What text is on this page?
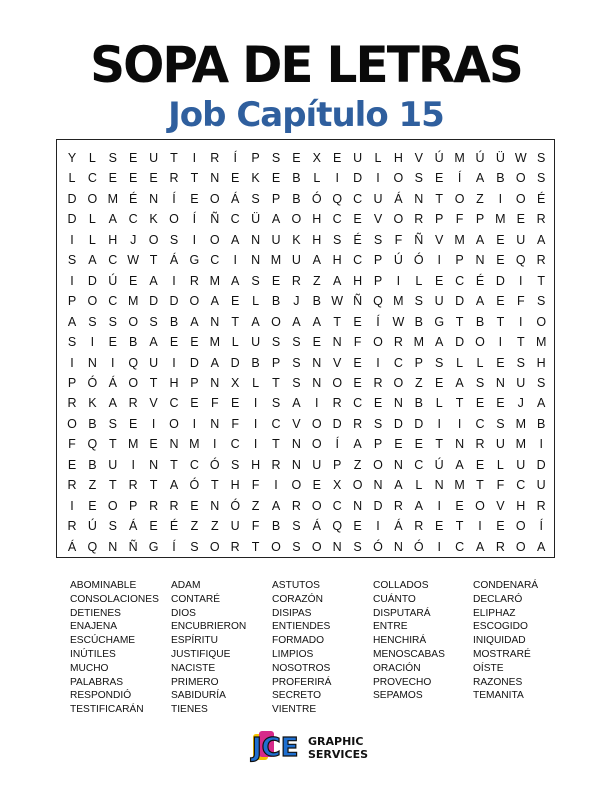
SOPA DE LETRAS
Job Capítulo 15
Y	L	S E U T	I	R	Í	P S E X E U L H V Ú M Ú Ü W S
L C E E E R T N E K E B	L	I	D	I	O S E	Í	A B O S
D O M É N	Í	E O Á S P B Ó Q C U Á N T O Z	I	O É
D L	A C K O	Í	Ñ C Ü A O H C E V O R P F P M E R
I	L H	J O S	I	O A N U K H S É S F Ñ V M A E U A
S A C W T Á G C	I	N M U A H C P Ú Ó	I	P N E Q R
I	D Ú E A	I	R M A S E R Z A H P	I	L	E C É D	I	T
P O C M D D O A E	L	B	J	B W Ñ Q M S U D A E F S
A S S O S B A N T A O A A T E	Í	W B G T B T	I	O
S	I	E B A E E M L U S S E N F O R M A D O	I	T M
I	N	I	Q U	I	D A D B P S N V E	I	C P S	L	L	E S H
P Ó Á O T H P N X	L	T S N O E R O Z E A S N U S
R K A R V C E F E	I	S A	I	R C E N B	L	T E E	J	A
O B S E	I	O	I	N F	I	C V O D R S D D	I	I	C S M B
F Q T M E N M	I	C	I	T N O	Í	A P E E T N R U M	I
E B U	I	N T C Ó S H R N U P Z O N C Ú A E	L U D
R Z	T R T A Ó T H F	I	O E X O N A	L N M T	F C U
I	E O P R R E N Ó Z A R O C N D R A	I	E O V H R
R Ú S Á E É Z	Z U F B S Á Q E	I	Á R E T	I	E O	Í
Á Q N Ñ G	Í	S O R T O S O N S Ó N Ó	I	C A R O A
ABOMINABLE
CONSOLACIONES
DETIENES
ENAJENA
ESCÚCHAME
INÚTILES
MUCHO
PALABRAS
RESPONDIÓ
TESTIFICARÁN
ADAM
CONTARÉ
DIOS
ENCUBRIERON
ESPÍRITU
JUSTIFIQUE
NACISTE
PRIMERO
SABIDURÍA
TIENES
ASTUTOS
CORAZÓN
DISIPAS
ENTIENDES
FORMADO
LIMPIOS
NOSOTROS
PROFERIRÁ
SECRETO
VIENTRE
COLLADOS
CUÁNTO
DISPUTARÁ
ENTRE
HENCHIRÁ
MENOSCABAS
ORACIÓN
PROVECHO
SEPAMOS
CONDENARÁ
DECLARÓ
ELIPHAZ
ESCOGIDO
INIQUIDAD
MOSTRARÉ
OÍSTE
RAZONES
TEMANITA
JCE GRAPHIC
SERVICES
